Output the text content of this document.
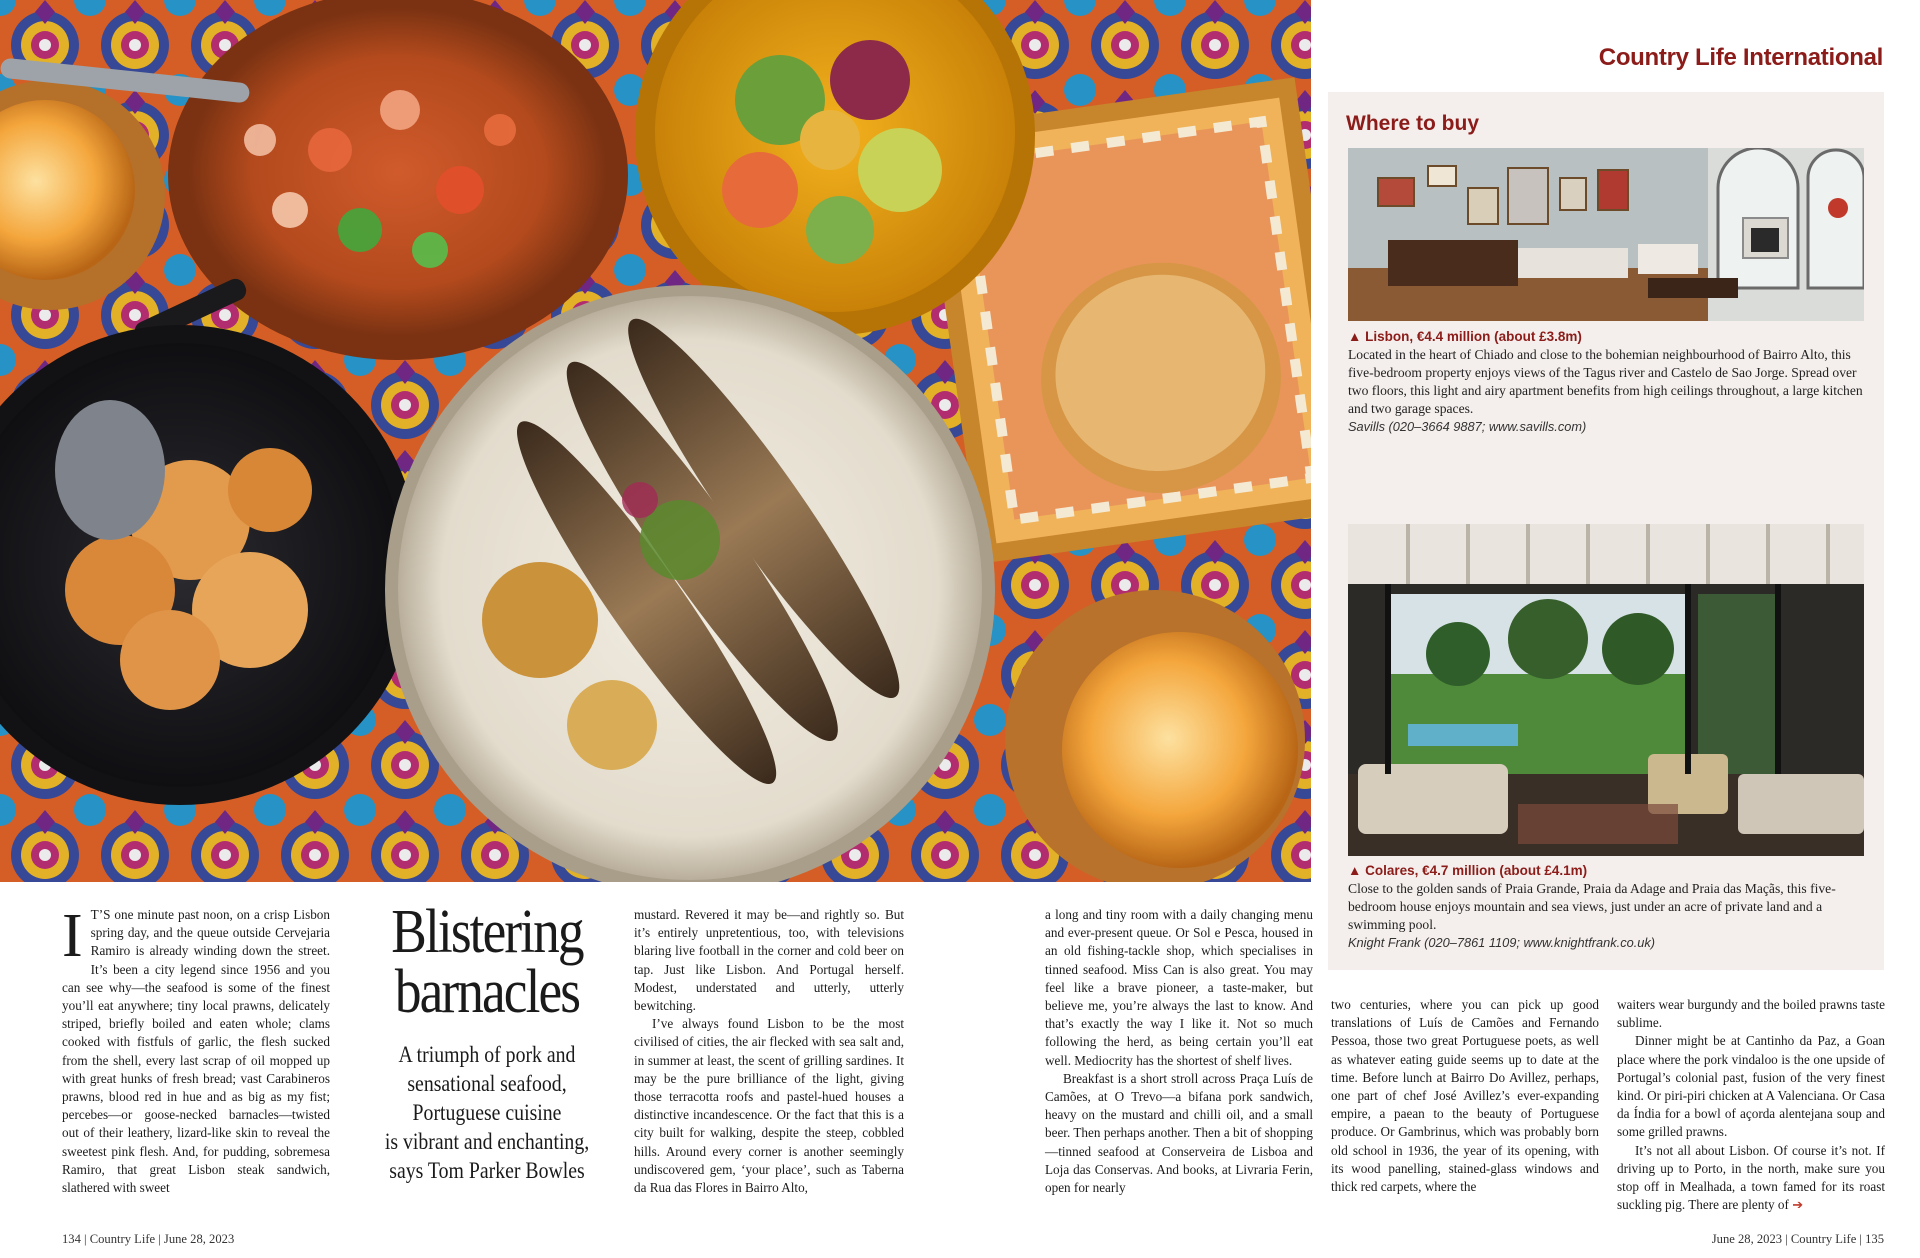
Country Life International
Where to buy
▲ Lisbon, €4.4 million (about £3.8m)
Located in the heart of Chiado and close to the bohemian neighbourhood of Bairro Alto, this five-bedroom property enjoys views of the Tagus river and Castelo de Sao Jorge. Spread over two floors, this light and airy apartment benefits from high ceilings throughout, a large kitchen and two garage spaces.
Savills (020–3664 9887; www.savills.com)
▲ Colares, €4.7 million (about £4.1m)
Close to the golden sands of Praia Grande, Praia da Adage and Praia das Maçãs, this five-bedroom house enjoys mountain and sea views, just under an acre of private land and a swimming pool.
Knight Frank (020–7861 1109; www.knightfrank.co.uk)

I T’S one minute past noon, on a crisp Lisbon spring day, and the queue outside Cervejaria Ramiro is already winding down the street. It’s been a city legend since 1956 and you can see why—the seafood is some of the finest you’ll eat anywhere; tiny local prawns, delicately striped, briefly boiled and eaten whole; clams cooked with fistfuls of garlic, the flesh sucked from the shell, every last scrap of oil mopped up with great hunks of fresh bread; vast Carabineros prawns, blood red in hue and as big as my fist; percebes—or goose-necked barnacles—twisted out of their leathery, lizard-like skin to reveal the sweetest pink flesh. And, for pudding, sobremesa Ramiro, that great Lisbon steak sandwich, slathered with sweet

Blistering
barnacles
A triumph of pork and
sensational seafood,
Portuguese cuisine
is vibrant and enchanting,
says Tom Parker Bowles

mustard. Revered it may be—and rightly so. But it’s entirely unpretentious, too, with televisions blaring live football in the corner and cold beer on tap. Just like Lisbon. And Portugal herself. Modest, understated and utterly, utterly bewitching.

I’ve always found Lisbon to be the most civilised of cities, the air flecked with sea salt and, in summer at least, the scent of grilling sardines. It may be the pure brilliance of the light, giving those terracotta roofs and pastel-hued houses a distinctive incandescence. Or the fact that this is a city built for walking, despite the steep, cobbled hills. Around every corner is another seemingly undiscovered gem, ‘your place’, such as Taberna da Rua das Flores in Bairro Alto,

a long and tiny room with a daily changing menu and ever-present queue. Or Sol e Pesca, housed in an old fishing-tackle shop, which specialises in tinned seafood. Miss Can is also great. You may feel like a brave pioneer, a taste-maker, but believe me, you’re always the last to know. And that’s exactly the way I like it. Not so much following the herd, as being certain you’ll eat well. Mediocrity has the shortest of shelf lives.

Breakfast is a short stroll across Praça Luís de Camões, at O Trevo—a bifana pork sandwich, heavy on the mustard and chilli oil, and a small beer. Then perhaps another. Then a bit of shopping—tinned seafood at Conserveira de Lisboa and Loja das Conservas. And books, at Livraria Ferin, open for nearly

two centuries, where you can pick up good translations of Luís de Camões and Fernando Pessoa, those two great Portuguese poets, as well as whatever eating guide seems up to date at the time. Before lunch at Bairro Do Avillez, perhaps, one part of chef José Avillez’s ever-expanding empire, a paean to the beauty of Portuguese produce. Or Gambrinus, which was probably born old school in 1936, the year of its opening, with its wood panelling, stained-glass windows and thick red carpets, where the

waiters wear burgundy and the boiled prawns taste sublime.

Dinner might be at Cantinho da Paz, a Goan place where the pork vindaloo is the one upside of Portugal’s colonial past, fusion of the very finest kind. Or piri-piri chicken at A Valenciana. Or Casa da Índia for a bowl of açorda alentejana soup and some grilled prawns.

It’s not all about Lisbon. Of course it’s not. If driving up to Porto, in the north, make sure you stop off in Mealhada, a town famed for its roast suckling pig. There are plenty of ➔

134 | Country Life | June 28, 2023	June 28, 2023 | Country Life | 135
